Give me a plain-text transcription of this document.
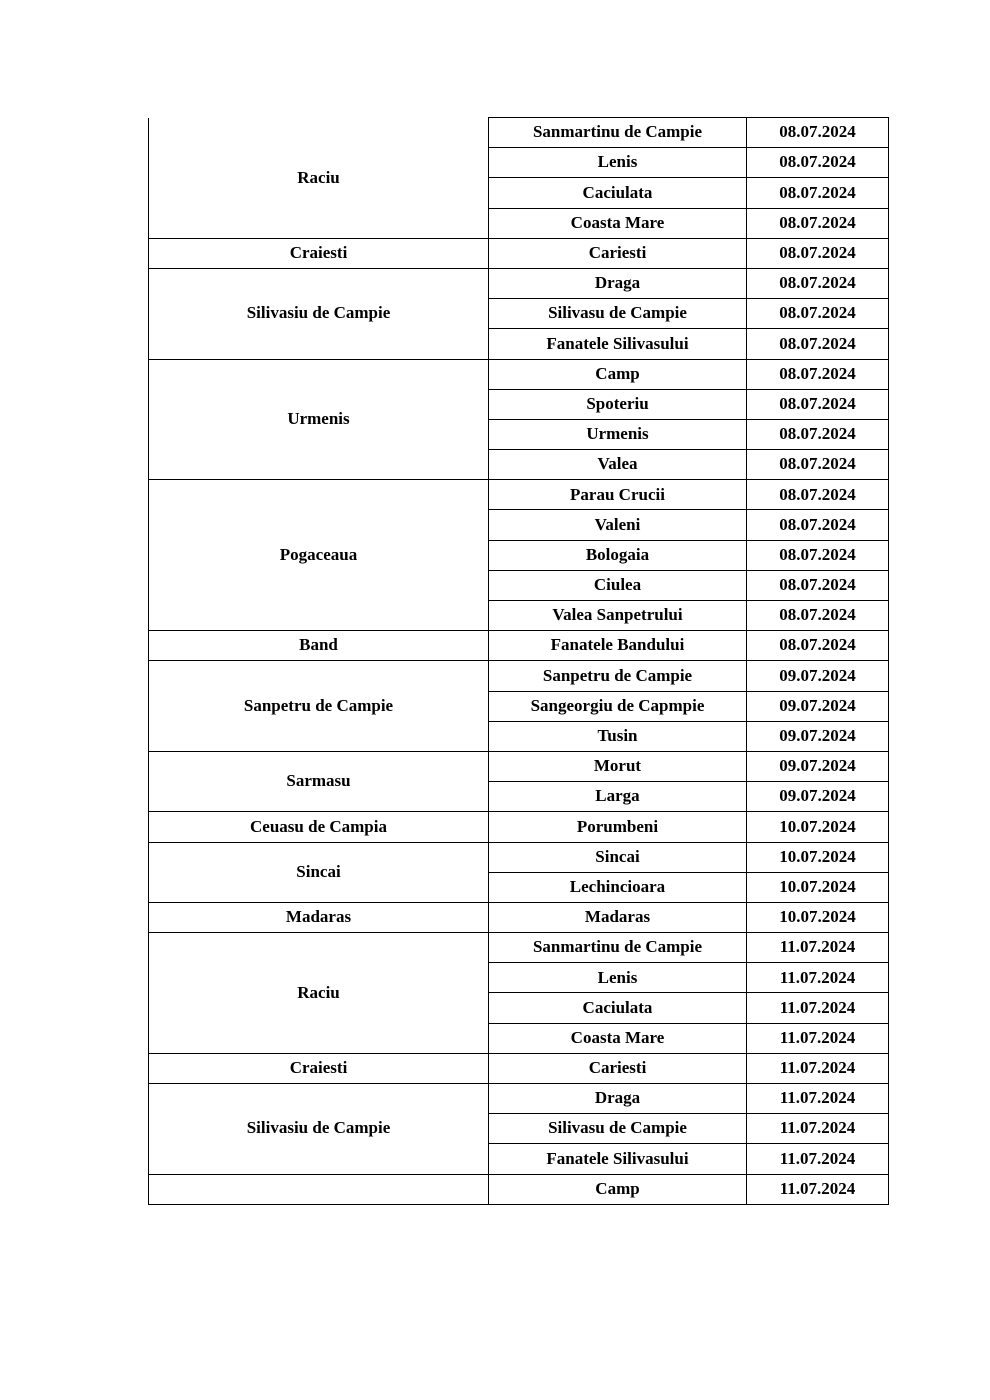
Raciu	Sanmartinu de Campie	08.07.2024
	Lenis	08.07.2024
	Caciulata	08.07.2024
	Coasta Mare	08.07.2024
Craiesti	Cariesti	08.07.2024
Silivasiu de Campie	Draga	08.07.2024
	Silivasu de Campie	08.07.2024
	Fanatele Silivasului	08.07.2024
Urmenis	Camp	08.07.2024
	Spoteriu	08.07.2024
	Urmenis	08.07.2024
	Valea	08.07.2024
Pogaceaua	Parau Crucii	08.07.2024
	Valeni	08.07.2024
	Bologaia	08.07.2024
	Ciulea	08.07.2024
	Valea Sanpetrului	08.07.2024
Band	Fanatele Bandului	08.07.2024
Sanpetru de Campie	Sanpetru de Campie	09.07.2024
	Sangeorgiu de Capmpie	09.07.2024
	Tusin	09.07.2024
Sarmasu	Morut	09.07.2024
	Larga	09.07.2024
Ceuasu de Campia	Porumbeni	10.07.2024
Sincai	Sincai	10.07.2024
	Lechincioara	10.07.2024
Madaras	Madaras	10.07.2024
Raciu	Sanmartinu de Campie	11.07.2024
	Lenis	11.07.2024
	Caciulata	11.07.2024
	Coasta Mare	11.07.2024
Craiesti	Cariesti	11.07.2024
Silivasiu de Campie	Draga	11.07.2024
	Silivasu de Campie	11.07.2024
	Fanatele Silivasului	11.07.2024
	Camp	11.07.2024
